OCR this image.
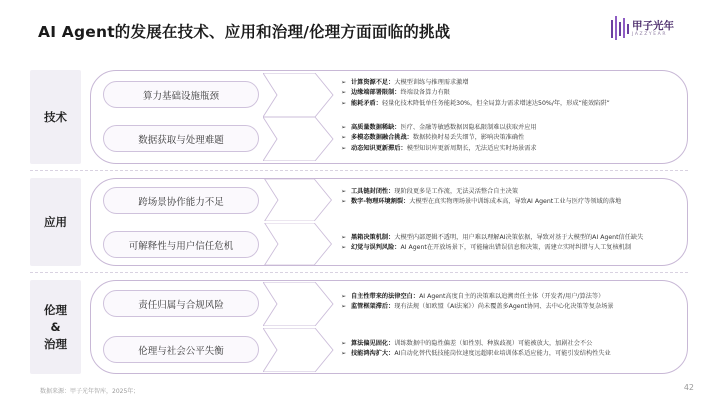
AI Agent的发展在技术、应用和治理/伦理方面面临的挑战	甲子光年
JAZZYEAR
技术
算力基础设施瓶颈
➢ 计算资源不足：大模型训练与推理需求激增
➢ 边缘端部署限制：终端设备算力有限
➢ 能耗矛盾：轻量化技术降低单任务能耗30%，但全局算力需求增速达50%/年，形成“能效陷阱”
数据获取与处理难题
➢ 高质量数据稀缺：医疗、金融等敏感数据因隐私限制难以获取并应用
➢ 多模态数据融合挑战：数据转换时易丢失细节，影响决策准确性
➢ 动态知识更新滞后：模型知识库更新周期长，无法适应实时场景需求
应用
跨场景协作能力不足
➢ 工具链封闭性：现阶段更多是工作流，无法灵活整合自主决策
➢ 数字-物理环境割裂：大模型在真实物理场景中训练成本高，导致AI Agent工业与医疗等领域的落地
可解释性与用户信任危机
➢ 黑箱决策机制：大模型内部逻辑不透明，用户难以理解AI决策依据，导致对基于大模型的AI Agent信任缺失
➢ 幻觉与误判风险：AI Agent在开放场景下，可能输出错误信息和决策，需建立实时纠错与人工复核机制
伦理
&
治理
责任归属与合规风险
➢ 自主性带来的法律空白：AI Agent高度自主的决策难以追溯责任主体（开发者/用户/算法等）
➢ 监管框架滞后：现有法规（如欧盟《AI法案》）尚未覆盖多Agent协同、去中心化决策等复杂场景
伦理与社会公平失衡
➢ 算法偏见固化：训练数据中的隐性偏差（如性别、种族歧视）可能被放大，加剧社会不公
➢ 技能鸿沟扩大：AI自动化替代低技能岗位速度远超职业培训体系适应能力，可能引发结构性失业
数据来源：甲子光年智库，2025年；	42
